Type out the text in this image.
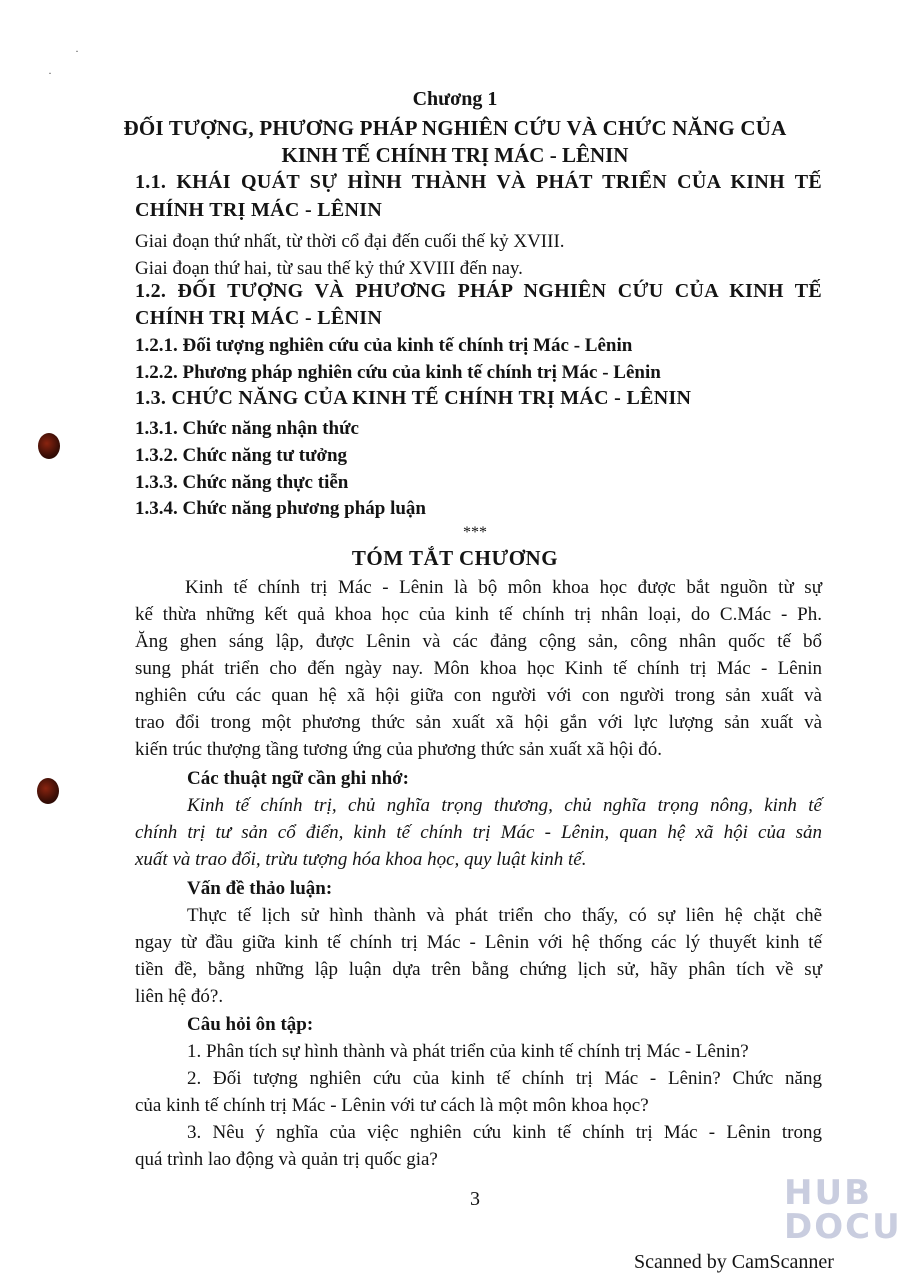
·
·
Chương 1
ĐỐI TƯỢNG, PHƯƠNG PHÁP NGHIÊN CỨU VÀ CHỨC NĂNG CỦA
KINH TẾ CHÍNH TRỊ MÁC - LÊNIN
1.1. KHÁI QUÁT SỰ HÌNH THÀNH VÀ PHÁT TRIỂN CỦA KINH TẾ
CHÍNH TRỊ MÁC - LÊNIN
Giai đoạn thứ nhất, từ thời cổ đại đến cuối thế kỷ XVIII.
Giai đoạn thứ hai, từ sau thế kỷ thứ XVIII đến nay.
1.2. ĐỐI TƯỢNG VÀ PHƯƠNG PHÁP NGHIÊN CỨU CỦA KINH TẾ
CHÍNH TRỊ MÁC - LÊNIN
1.2.1. Đối tượng nghiên cứu của kinh tế chính trị Mác - Lênin
1.2.2. Phương pháp nghiên cứu của kinh tế chính trị Mác - Lênin
1.3. CHỨC NĂNG CỦA KINH TẾ CHÍNH TRỊ MÁC - LÊNIN
1.3.1. Chức năng nhận thức
1.3.2. Chức năng tư tưởng
1.3.3. Chức năng thực tiễn
1.3.4. Chức năng phương pháp luận
***
TÓM TẮT CHƯƠNG
Kinh tế chính trị Mác - Lênin là bộ môn khoa học được bắt nguồn từ sự
kế thừa những kết quả khoa học của kinh tế chính trị nhân loại, do C.Mác - Ph.
Ăng ghen sáng lập, được Lênin và các đảng cộng sản, công nhân quốc tế bổ
sung phát triển cho đến ngày nay. Môn khoa học Kinh tế chính trị Mác - Lênin
nghiên cứu các quan hệ xã hội giữa con người với con người trong sản xuất và
trao đổi trong một phương thức sản xuất xã hội gắn với lực lượng sản xuất và
kiến trúc thượng tầng tương ứng của phương thức sản xuất xã hội đó.
Các thuật ngữ cần ghi nhớ:
Kinh tế chính trị, chủ nghĩa trọng thương, chủ nghĩa trọng nông, kinh tế
chính trị tư sản cổ điển, kinh tế chính trị Mác - Lênin, quan hệ xã hội của sản
xuất và trao đổi, trừu tượng hóa khoa học, quy luật kinh tế.
Vấn đề thảo luận:
Thực tế lịch sử hình thành và phát triển cho thấy, có sự liên hệ chặt chẽ
ngay từ đầu giữa kinh tế chính trị Mác - Lênin với hệ thống các lý thuyết kinh tế
tiền đề, bằng những lập luận dựa trên bằng chứng lịch sử, hãy phân tích về sự
liên hệ đó?.
Câu hỏi ôn tập:
1. Phân tích sự hình thành và phát triển của kinh tế chính trị Mác - Lênin?
2. Đối tượng nghiên cứu của kinh tế chính trị Mác - Lênin? Chức năng
của kinh tế chính trị Mác - Lênin với tư cách là một môn khoa học?
3. Nêu ý nghĩa của việc nghiên cứu kinh tế chính trị Mác - Lênin trong
quá trình lao động và quản trị quốc gia?
3	HUB
DOCU
Scanned by CamScanner
